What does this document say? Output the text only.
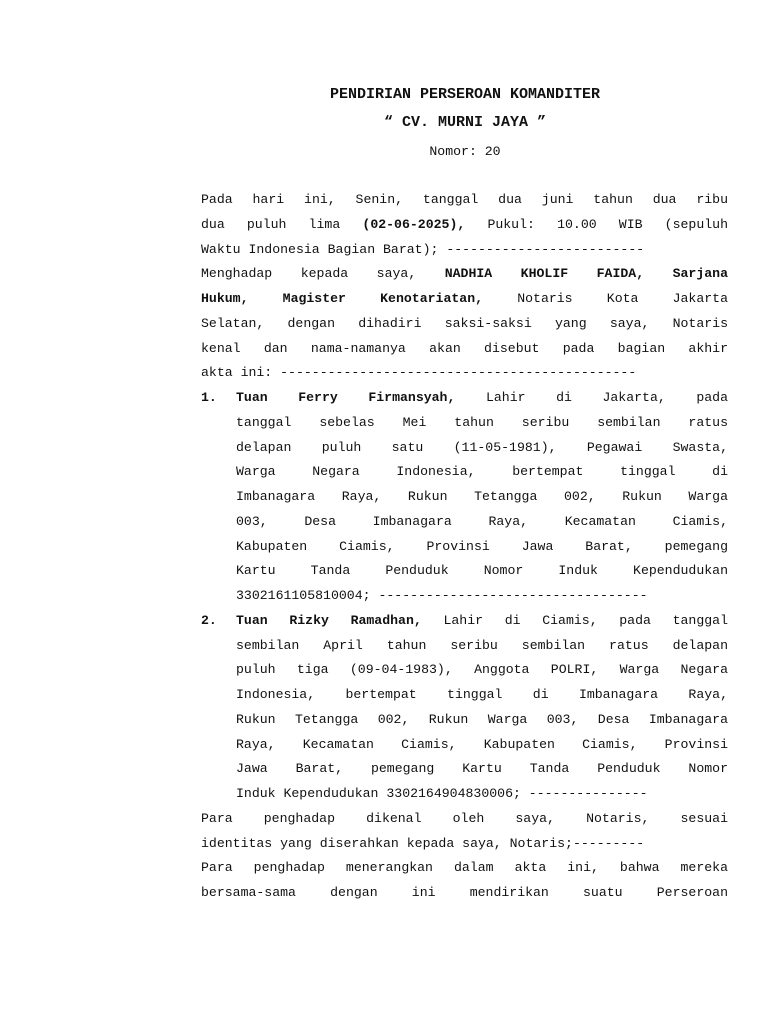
PENDIRIAN PERSEROAN KOMANDITER
“ CV. MURNI JAYA ”
Nomor: 20
Pada hari ini, Senin, tanggal dua juni tahun dua ribu
dua puluh lima (02-06-2025), Pukul: 10.00 WIB (sepuluh
Waktu Indonesia Bagian Barat); -------------------------
Menghadap kepada saya, NADHIA KHOLIF FAIDA, Sarjana
Hukum, Magister Kenotariatan, Notaris Kota Jakarta
Selatan, dengan dihadiri saksi-saksi yang saya, Notaris
kenal dan nama-namanya akan disebut pada bagian akhir
akta ini: ---------------------------------------------
1. Tuan Ferry Firmansyah, Lahir di Jakarta, pada
tanggal sebelas Mei tahun seribu sembilan ratus
delapan puluh satu (11-05-1981), Pegawai Swasta,
Warga Negara Indonesia, bertempat tinggal di
Imbanagara Raya, Rukun Tetangga 002, Rukun Warga
003, Desa Imbanagara Raya, Kecamatan Ciamis,
Kabupaten Ciamis, Provinsi Jawa Barat, pemegang
Kartu Tanda Penduduk Nomor Induk Kependudukan
3302161105810004; ----------------------------------
2. Tuan Rizky Ramadhan, Lahir di Ciamis, pada tanggal
sembilan April tahun seribu sembilan ratus delapan
puluh tiga (09-04-1983), Anggota POLRI, Warga Negara
Indonesia, bertempat tinggal di Imbanagara Raya,
Rukun Tetangga 002, Rukun Warga 003, Desa Imbanagara
Raya, Kecamatan Ciamis, Kabupaten Ciamis, Provinsi
Jawa Barat, pemegang Kartu Tanda Penduduk Nomor
Induk Kependudukan 3302164904830006; ---------------
Para penghadap dikenal oleh saya, Notaris, sesuai
identitas yang diserahkan kepada saya, Notaris;---------
Para penghadap menerangkan dalam akta ini, bahwa mereka
bersama-sama dengan ini mendirikan suatu Perseroan
